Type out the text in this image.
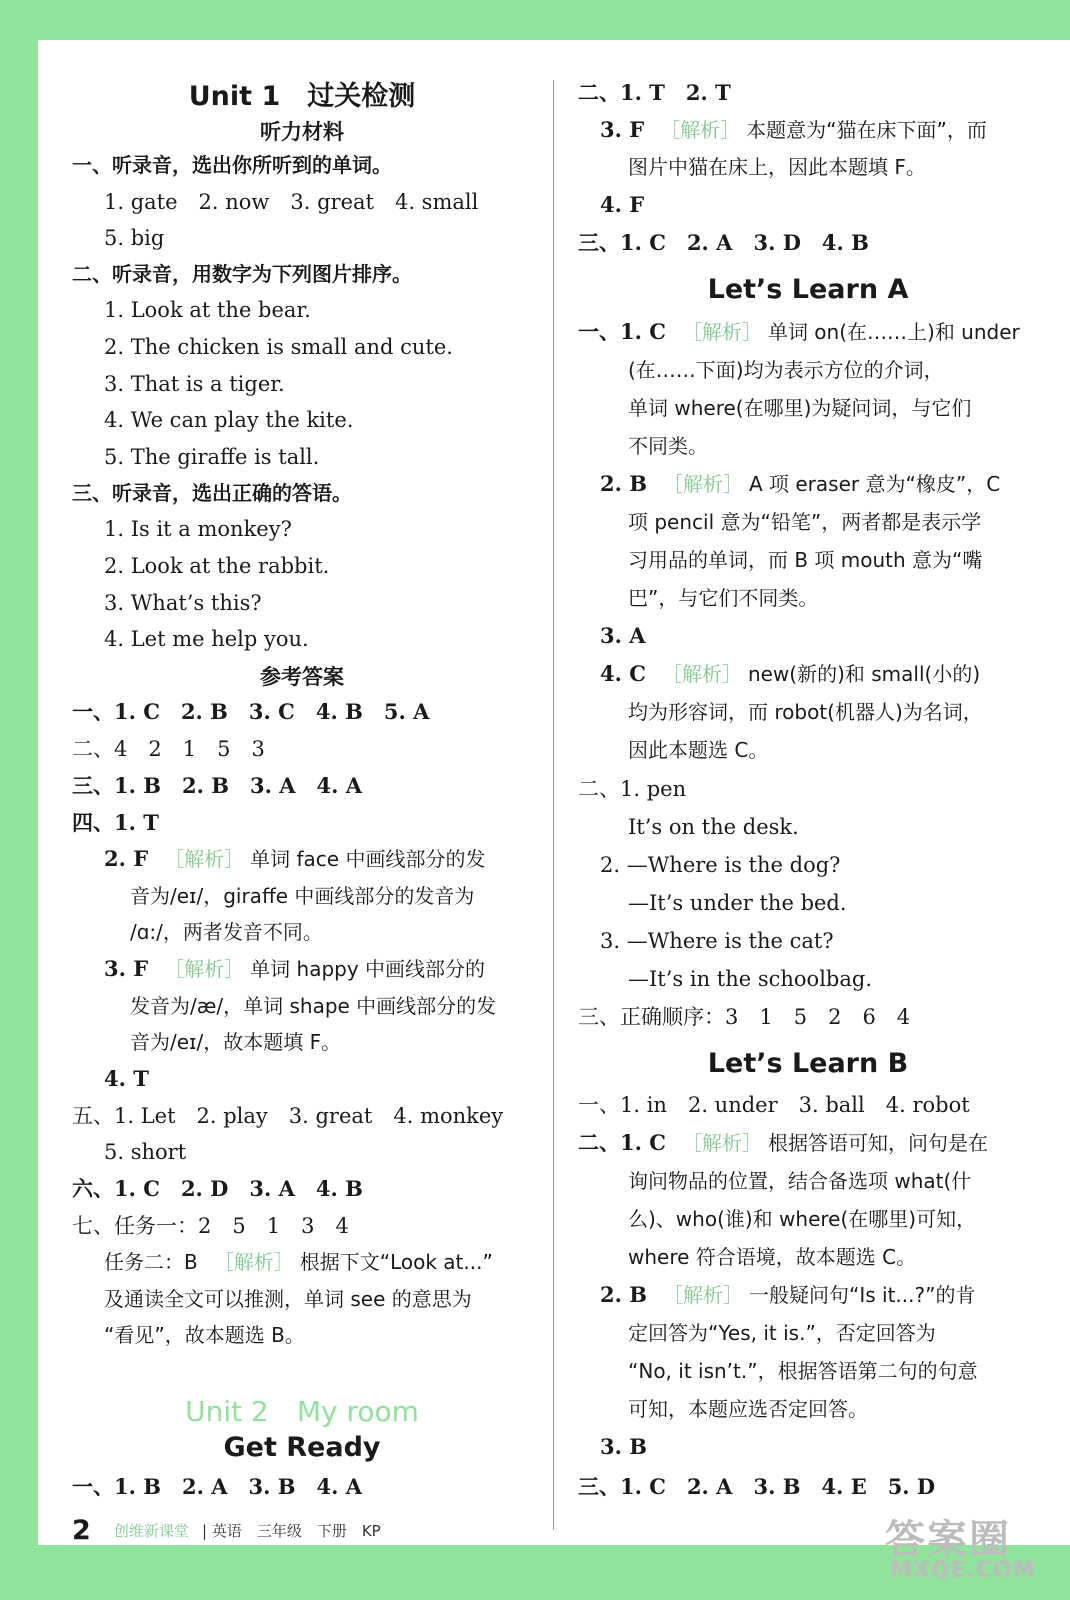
Unit 1　过关检测
听力材料
一、听录音，选出你所听到的单词。
1. gate　2. now　3. great　4. small
5. big
二、听录音，用数字为下列图片排序。
1. Look at the bear.
2. The chicken is small and cute.
3. That is a tiger.
4. We can play the kite.
5. The giraffe is tall.
三、听录音，选出正确的答语。
1. Is it a monkey?
2. Look at the rabbit.
3. What’s this?
4. Let me help you.
参考答案
一、1. C　2. B　3. C　4. B　5. A
二、4　2　1　5　3
三、1. B　2. B　3. A　4. A
四、1. T
2. F ［解析］ 单词 face 中画线部分的发
音为/eɪ/，giraffe 中画线部分的发音为
/ɑ:/，两者发音不同。
3. F ［解析］ 单词 happy 中画线部分的
发音为/æ/，单词 shape 中画线部分的发
音为/eɪ/，故本题填 F。
4. T
五、1. Let　2. play　3. great　4. monkey
5. short
六、1. C　2. D　3. A　4. B
七、任务一：2　5　1　3　4
任务二：B ［解析］ 根据下文“Look at...”
及通读全文可以推测，单词 see 的意思为
“看见”，故本题选 B。
Unit 2　My room
Get Ready
一、1. B　2. A　3. B　4. A
二、1. T　2. T
3. F ［解析］ 本题意为“猫在床下面”，而
图片中猫在床上，因此本题填 F。
4. F
三、1. C　2. A　3. D　4. B
Let’s Learn A
一、1. C ［解析］ 单词 on(在……上)和 under
(在……下面)均为表示方位的介词，
单词 where(在哪里)为疑问词，与它们
不同类。
2. B ［解析］ A 项 eraser 意为“橡皮”，C
项 pencil 意为“铅笔”，两者都是表示学
习用品的单词，而 B 项 mouth 意为“嘴
巴”，与它们不同类。
3. A
4. C ［解析］ new(新的)和 small(小的)
均为形容词，而 robot(机器人)为名词，
因此本题选 C。
二、1. pen
It’s on the desk.
2. —Where is the dog?
—It’s under the bed.
3. —Where is the cat?
—It’s in the schoolbag.
三、正确顺序：3　1　5　2　6　4
Let’s Learn B
一、1. in　2. under　3. ball　4. robot
二、1. C ［解析］ 根据答语可知，问句是在
询问物品的位置，结合备选项 what(什
么)、who(谁)和 where(在哪里)可知，
where 符合语境，故本题选 C。
2. B ［解析］ 一般疑问句“Is it...?”的肯
定回答为“Yes, it is.”，否定回答为
“No, it isn’t.”，根据答语第二句的句意
可知，本题应选否定回答。
3. B
三、1. C　2. A　3. B　4. E　5. D
2 创维新课堂 | 英语　三年级　下册　KP	答案圈
MXQE.COM
